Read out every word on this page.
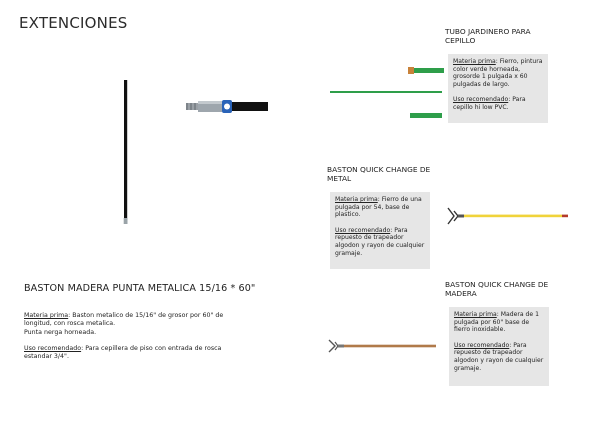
EXTENCIONES	TUBO JARDINERO PARA CEPILLO

Materia prima: Fierro, pintura color verde horneada, grosorde 1 pulgada x 60 pulgadas de largo.

Uso recomendado: Para cepillo hi low PVC.

BASTON QUICK CHANGE DE METAL

Materia prima: Fierro de una pulgada por 54, base de plastico.

Uso recomendado: Para repuesto de trapeador algodon y rayon de cualquier gramaje.

BASTON QUICK CHANGE DE MADERA

Materia prima: Madera de 1 pulgada por 60" base de fierro inoxidable.

Uso recomendado: Para repuesto de trapeador algodon y rayon de cualquier gramaje.

BASTON MADERA PUNTA METALICA 15/16 * 60"

Materia prima: Baston metalico de 15/16" de grosor por 60" de longitud, con rosca metalica.

Punta nerga horneada.

Uso recomendado: Para cepillera de piso con entrada de rosca estandar 3/4".
